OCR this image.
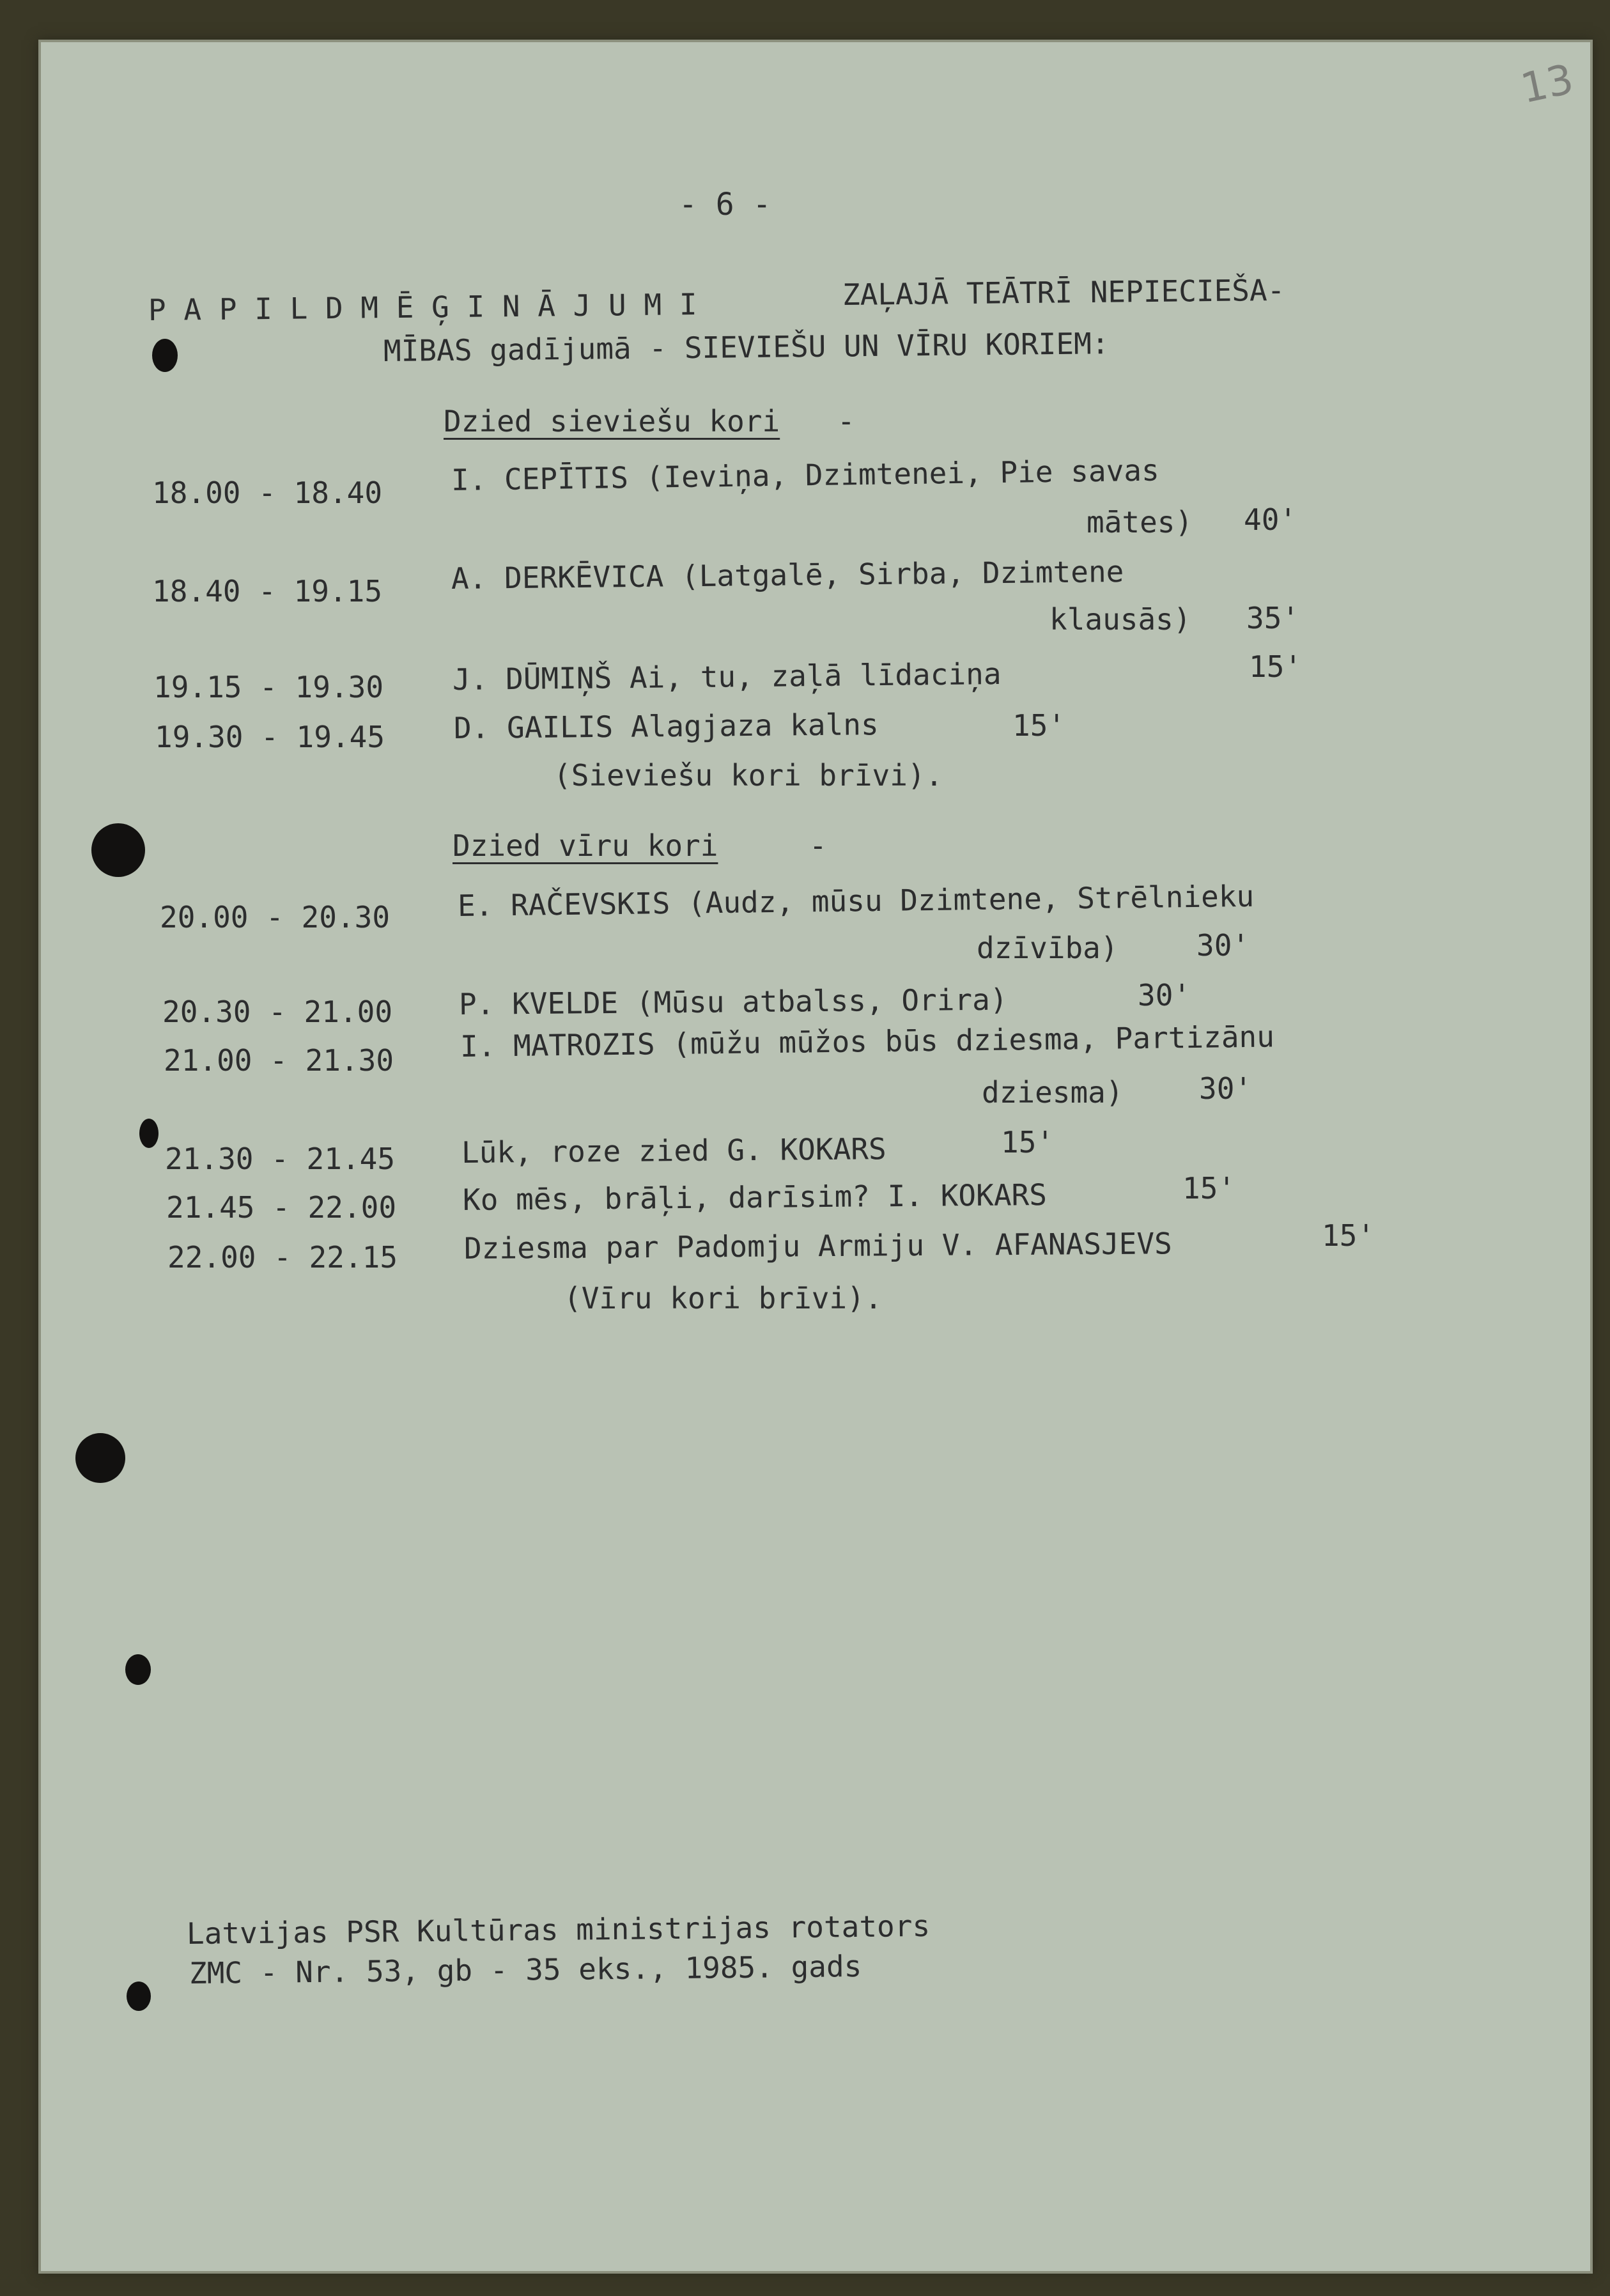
13
- 6 -
P A P I L D M Ē Ģ I N Ā J U M I	ZAĻAJĀ TEĀTRĪ NEPIECIEŠA-
MĪBAS gadījumā - SIEVIEŠU UN VĪRU KORIEM:
Dzied sieviešu kori -
18.00 - 18.40 I. CEPĪTIS (Ieviņa, Dzimtenei, Pie savas
mātes) 40'
18.40 - 19.15 A. DERKĒVICA (Latgalē, Sirba, Dzimtene
klausās) 35'
19.15 - 19.30 J. DŪMIŅŠ Ai, tu, zaļā līdaciņa	15'
19.30 - 19.45 D. GAILIS Alagjaza kalns	15'
(Sieviešu kori brīvi).
Dzied vīru kori	-
20.00 - 20.30 E. RAČEVSKIS (Audz, mūsu Dzimtene, Strēlnieku
dzīvība)	30'
20.30 - 21.00 P. KVELDE (Mūsu atbalss, Orira)	30'
21.00 - 21.30 I. MATROZIS (mūžu mūžos būs dziesma, Partizānu
dziesma)	30'
21.30 - 21.45 Lūk, roze zied G. KOKARS	15'
21.45 - 22.00 Ko mēs, brāļi, darīsim? I. KOKARS	15'
22.00 - 22.15 Dziesma par Padomju Armiju V. AFANASJEVS	15'
(Vīru kori brīvi).
Latvijas PSR Kultūras ministrijas rotators
ZMC - Nr. 53, gb - 35 eks., 1985. gads
